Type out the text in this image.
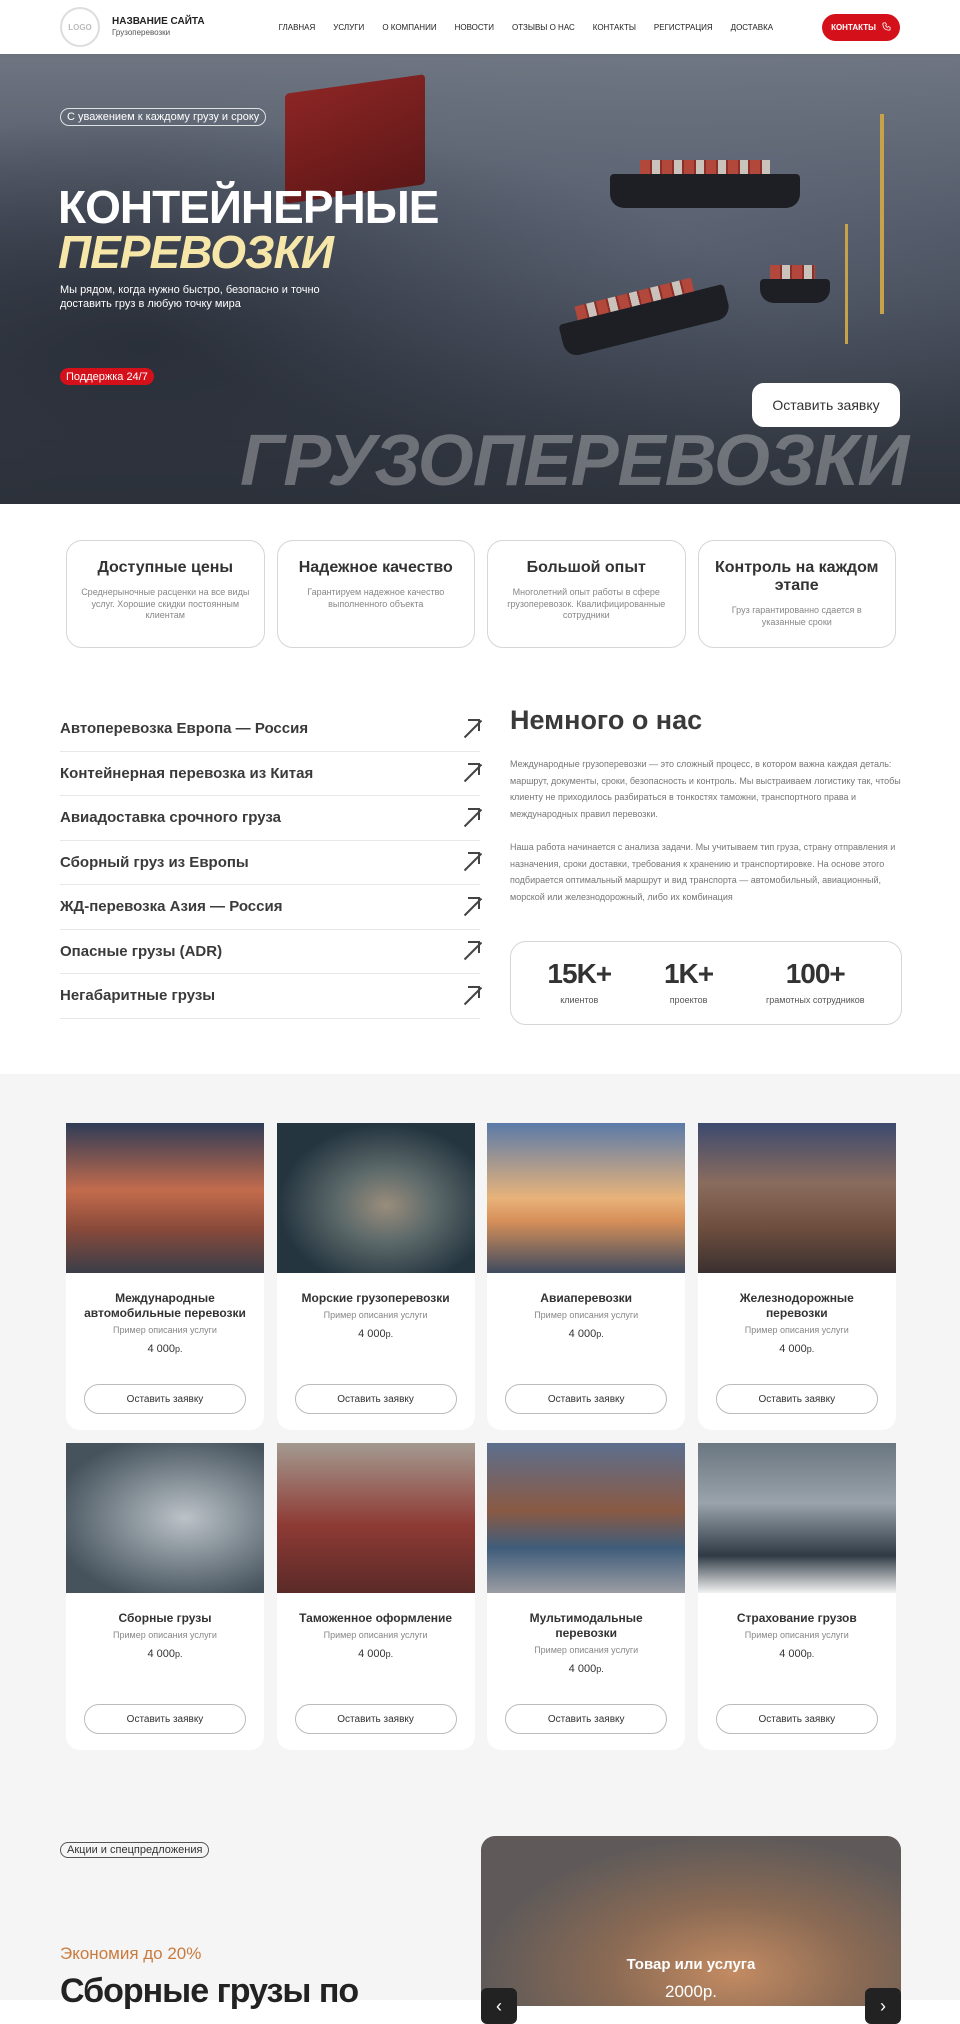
LOGO
НАЗВАНИЕ САЙТА
Грузоперевозки
ГЛАВНАЯ УСЛУГИ О КОМПАНИИ НОВОСТИ ОТЗЫВЫ О НАС КОНТАКТЫ РЕГИСТРАЦИЯ ДОСТАВКА	КОНТАКТЫ
С уважением к каждому грузу и сроку
КОНТЕЙНЕРНЫЕ
ПЕРЕВОЗКИ
Мы рядом, когда нужно быстро, безопасно и точно доставить груз в любую точку мира
Поддержка 24/7
Оставить заявку
ГРУЗОПЕРЕВОЗКИ
Доступные цены

Среднерыночные расценки на все виды услуг. Хорошие скидки постоянным клиентам

Надежное качество

Гарантируем надежное качество выполненного объекта

Большой опыт

Многолетний опыт работы в сфере грузоперевозок. Квалифицированные сотрудники

Контроль на каждом этапе

Груз гарантированно сдается в указанные сроки

Автоперевозка Европа — Россия
Контейнерная перевозка из Китая
Авиадоставка срочного груза
Сборный груз из Европы
ЖД-перевозка Азия — Россия
Опасные грузы (ADR)
Негабаритные грузы
Немного о нас
Международные грузоперевозки — это сложный процесс, в котором важна каждая деталь: маршрут, документы, сроки, безопасность и контроль. Мы выстраиваем логистику так, чтобы клиенту не приходилось разбираться в тонкостях таможни, транспортного права и международных правил перевозки.
Наша работа начинается с анализа задачи. Мы учитываем тип груза, страну отправления и назначения, сроки доставки, требования к хранению и транспортировке. На основе этого подбирается оптимальный маршрут и вид транспорта — автомобильный, авиационный, морской или железнодорожный, либо их комбинация
15K+
клиентов
1K+
проектов
100+
грамотных сотрудников
Международные автомобильные перевозки
Пример описания услуги
4 000р.
Оставить заявку
Морские грузоперевозки
Пример описания услуги
4 000р.
Оставить заявку
Авиаперевозки
Пример описания услуги
4 000р.
Оставить заявку
Железнодорожные перевозки
Пример описания услуги
4 000р.
Оставить заявку
Сборные грузы
Пример описания услуги
4 000р.
Оставить заявку
Таможенное оформление
Пример описания услуги
4 000р.
Оставить заявку
Мультимодальные перевозки
Пример описания услуги
4 000р.
Оставить заявку
Страхование грузов
Пример описания услуги
4 000р.
Оставить заявку
Акции и спецпредложения
Экономия до 20%
Сборные грузы по
Товар или услуга
2000р.
‹	›
